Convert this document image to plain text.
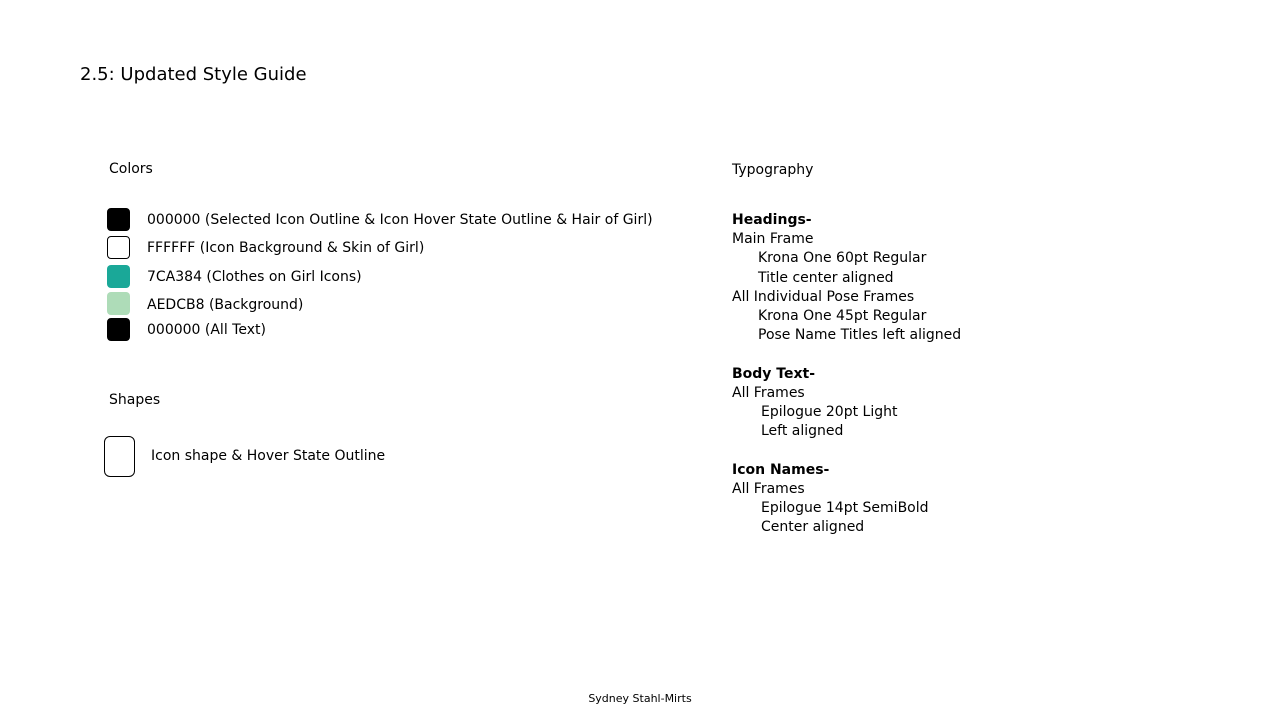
2.5: Updated Style Guide
Colors
000000 (Selected Icon Outline & Icon Hover State Outline & Hair of Girl)
FFFFFF (Icon Background & Skin of Girl)
7CA384 (Clothes on Girl Icons)
AEDCB8 (Background)
000000 (All Text)
Shapes
Icon shape & Hover State Outline
Typography
Headings-
Main Frame
Krona One 60pt Regular
Title center aligned
All Individual Pose Frames
Krona One 45pt Regular
Pose Name Titles left aligned
Body Text-
All Frames
Epilogue 20pt Light
Left aligned
Icon Names-
All Frames
Epilogue 14pt SemiBold
Center aligned
Sydney Stahl-Mirts
